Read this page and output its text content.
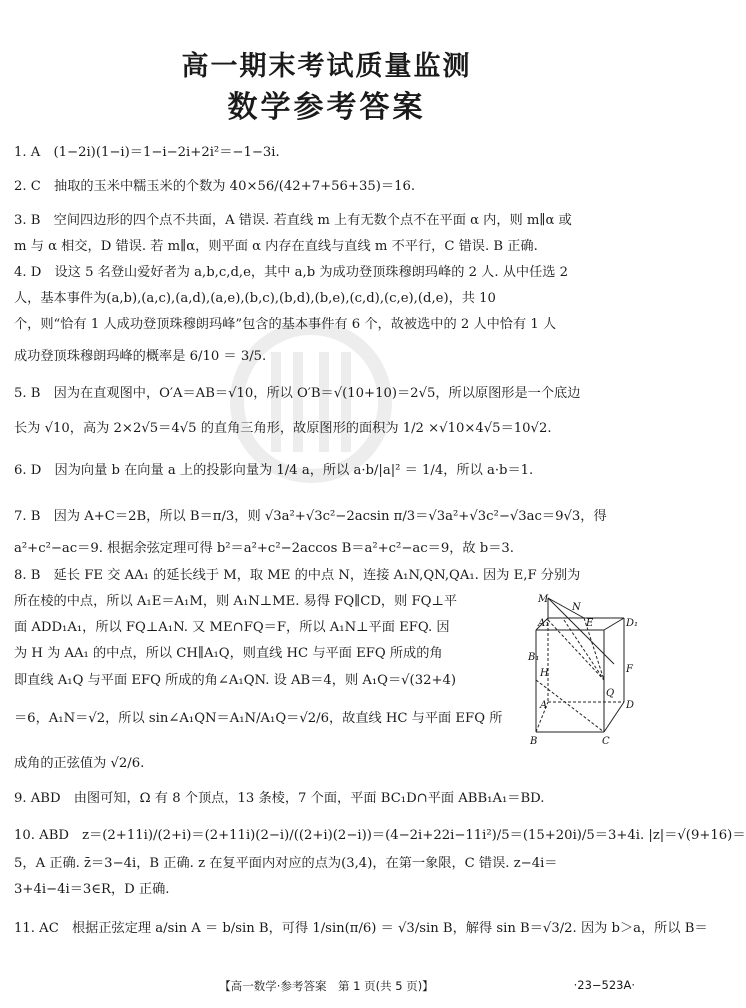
高一期末考试质量监测
数学参考答案
1. A　(1−2i)(1−i)＝1−i−2i+2i²＝−1−3i.
2. C　抽取的玉米中糯玉米的个数为 40×56/(42+7+56+35)＝16.
3. B　空间四边形的四个点不共面，A 错误. 若直线 m 上有无数个点不在平面 α 内，则 m∥α 或
m 与 α 相交，D 错误. 若 m∥α，则平面 α 内存在直线与直线 m 不平行，C 错误. B 正确.
4. D　设这 5 名登山爱好者为 a,b,c,d,e，其中 a,b 为成功登顶珠穆朗玛峰的 2 人. 从中任选 2
人，基本事件为(a,b),(a,c),(a,d),(a,e),(b,c),(b,d),(b,e),(c,d),(c,e),(d,e)，共 10
个，则“恰有 1 人成功登顶珠穆朗玛峰”包含的基本事件有 6 个，故被选中的 2 人中恰有 1 人
成功登顶珠穆朗玛峰的概率是 6/10 ＝ 3/5.
5. B　因为在直观图中，O′A＝AB＝√10，所以 O′B＝√(10+10)＝2√5，所以原图形是一个底边
长为 √10，高为 2×2√5＝4√5 的直角三角形，故原图形的面积为 1/2 ×√10×4√5＝10√2.
6. D　因为向量 b 在向量 a 上的投影向量为 1/4 a，所以 a·b/|a|² ＝ 1/4，所以 a·b＝1.
7. B　因为 A+C＝2B，所以 B＝π/3，则 √3a²+√3c²−2acsin π/3＝√3a²+√3c²−√3ac＝9√3，得
a²+c²−ac＝9. 根据余弦定理可得 b²＝a²+c²−2accos B＝a²+c²−ac＝9，故 b＝3.
8. B　延长 FE 交 AA₁ 的延长线于 M，取 ME 的中点 N，连接 A₁N,QN,QA₁. 因为 E,F 分别为
所在棱的中点，所以 A₁E＝A₁M，则 A₁N⊥ME. 易得 FQ∥CD，则 FQ⊥平
面 ADD₁A₁，所以 FQ⊥A₁N. 又 ME∩FQ＝F，所以 A₁N⊥平面 EFQ. 因
为 H 为 AA₁ 的中点，所以 CH∥A₁Q，则直线 HC 与平面 EFQ 所成的角
即直线 A₁Q 与平面 EFQ 所成的角∠A₁QN. 设 AB＝4，则 A₁Q＝√(32+4)
＝6，A₁N＝√2，所以 sin∠A₁QN＝A₁N/A₁Q＝√2/6，故直线 HC 与平面 EFQ 所
成角的正弦值为 √2/6.
9. ABD　由图可知，Ω 有 8 个顶点，13 条棱，7 个面，平面 BC₁D∩平面 ABB₁A₁＝BD.
10. ABD　z＝(2+11i)/(2+i)＝(2+11i)(2−i)/((2+i)(2−i))＝(4−2i+22i−11i²)/5＝(15+20i)/5＝3+4i. |z|＝√(9+16)＝
5，A 正确. z̄＝3−4i，B 正确. z 在复平面内对应的点为(3,4)，在第一象限，C 错误. z−4i＝
3+4i−4i＝3∈R，D 正确.
11. AC　根据正弦定理 a/sin A ＝ b/sin B，可得 1/sin(π/6) ＝ √3/sin B，解得 sin B＝√3/2. 因为 b＞a，所以 B＝
M
N
A₁	E	D₁
B₁
H	F
Q
A	D
B	C
【高一数学·参考答案　第 1 页(共 5 页)】	·23−523A·
